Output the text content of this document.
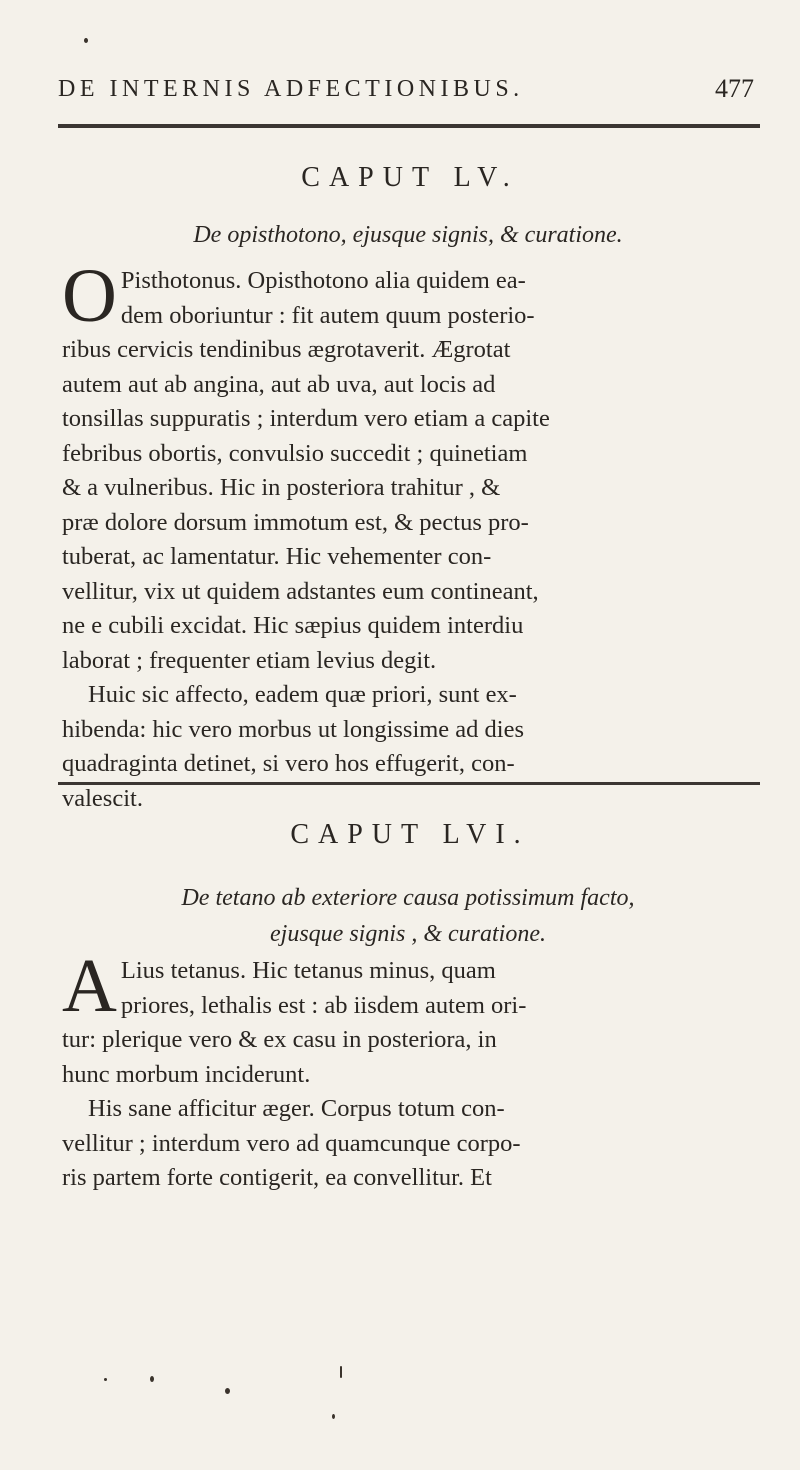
DE INTERNIS ADFECTIONIBUS.	477
CAPUT LV.
De opisthotono, ejusque signis, & curatione.
O Pisthotonus. Opisthotono alia quidem ea-
dem oboriuntur : fit autem quum posterio-
ribus cervicis tendinibus ægrotaverit. Ægrotat
autem aut ab angina, aut ab uva, aut locis ad
tonsillas suppuratis ; interdum vero etiam a capite
febribus obortis, convulsio succedit ; quinetiam
& a vulneribus. Hic in posteriora trahitur , &
præ dolore dorsum immotum est, & pectus pro-
tuberat, ac lamentatur. Hic vehementer con-
vellitur, vix ut quidem adstantes eum contineant,
ne e cubili excidat. Hic sæpius quidem interdiu
laborat ; frequenter etiam levius degit.
Huic sic affecto, eadem quæ priori, sunt ex-
hibenda: hic vero morbus ut longissime ad dies
quadraginta detinet, si vero hos effugerit, con-
valescit.
CAPUT LVI.
De tetano ab exteriore causa potissimum facto,
ejusque signis , & curatione.
A Lius tetanus. Hic tetanus minus, quam
priores, lethalis est : ab iisdem autem ori-
tur: plerique vero & ex casu in posteriora, in
hunc morbum inciderunt.
His sane afficitur æger. Corpus totum con-
vellitur ; interdum vero ad quamcunque corpo-
ris partem forte contigerit, ea convellitur. Et
